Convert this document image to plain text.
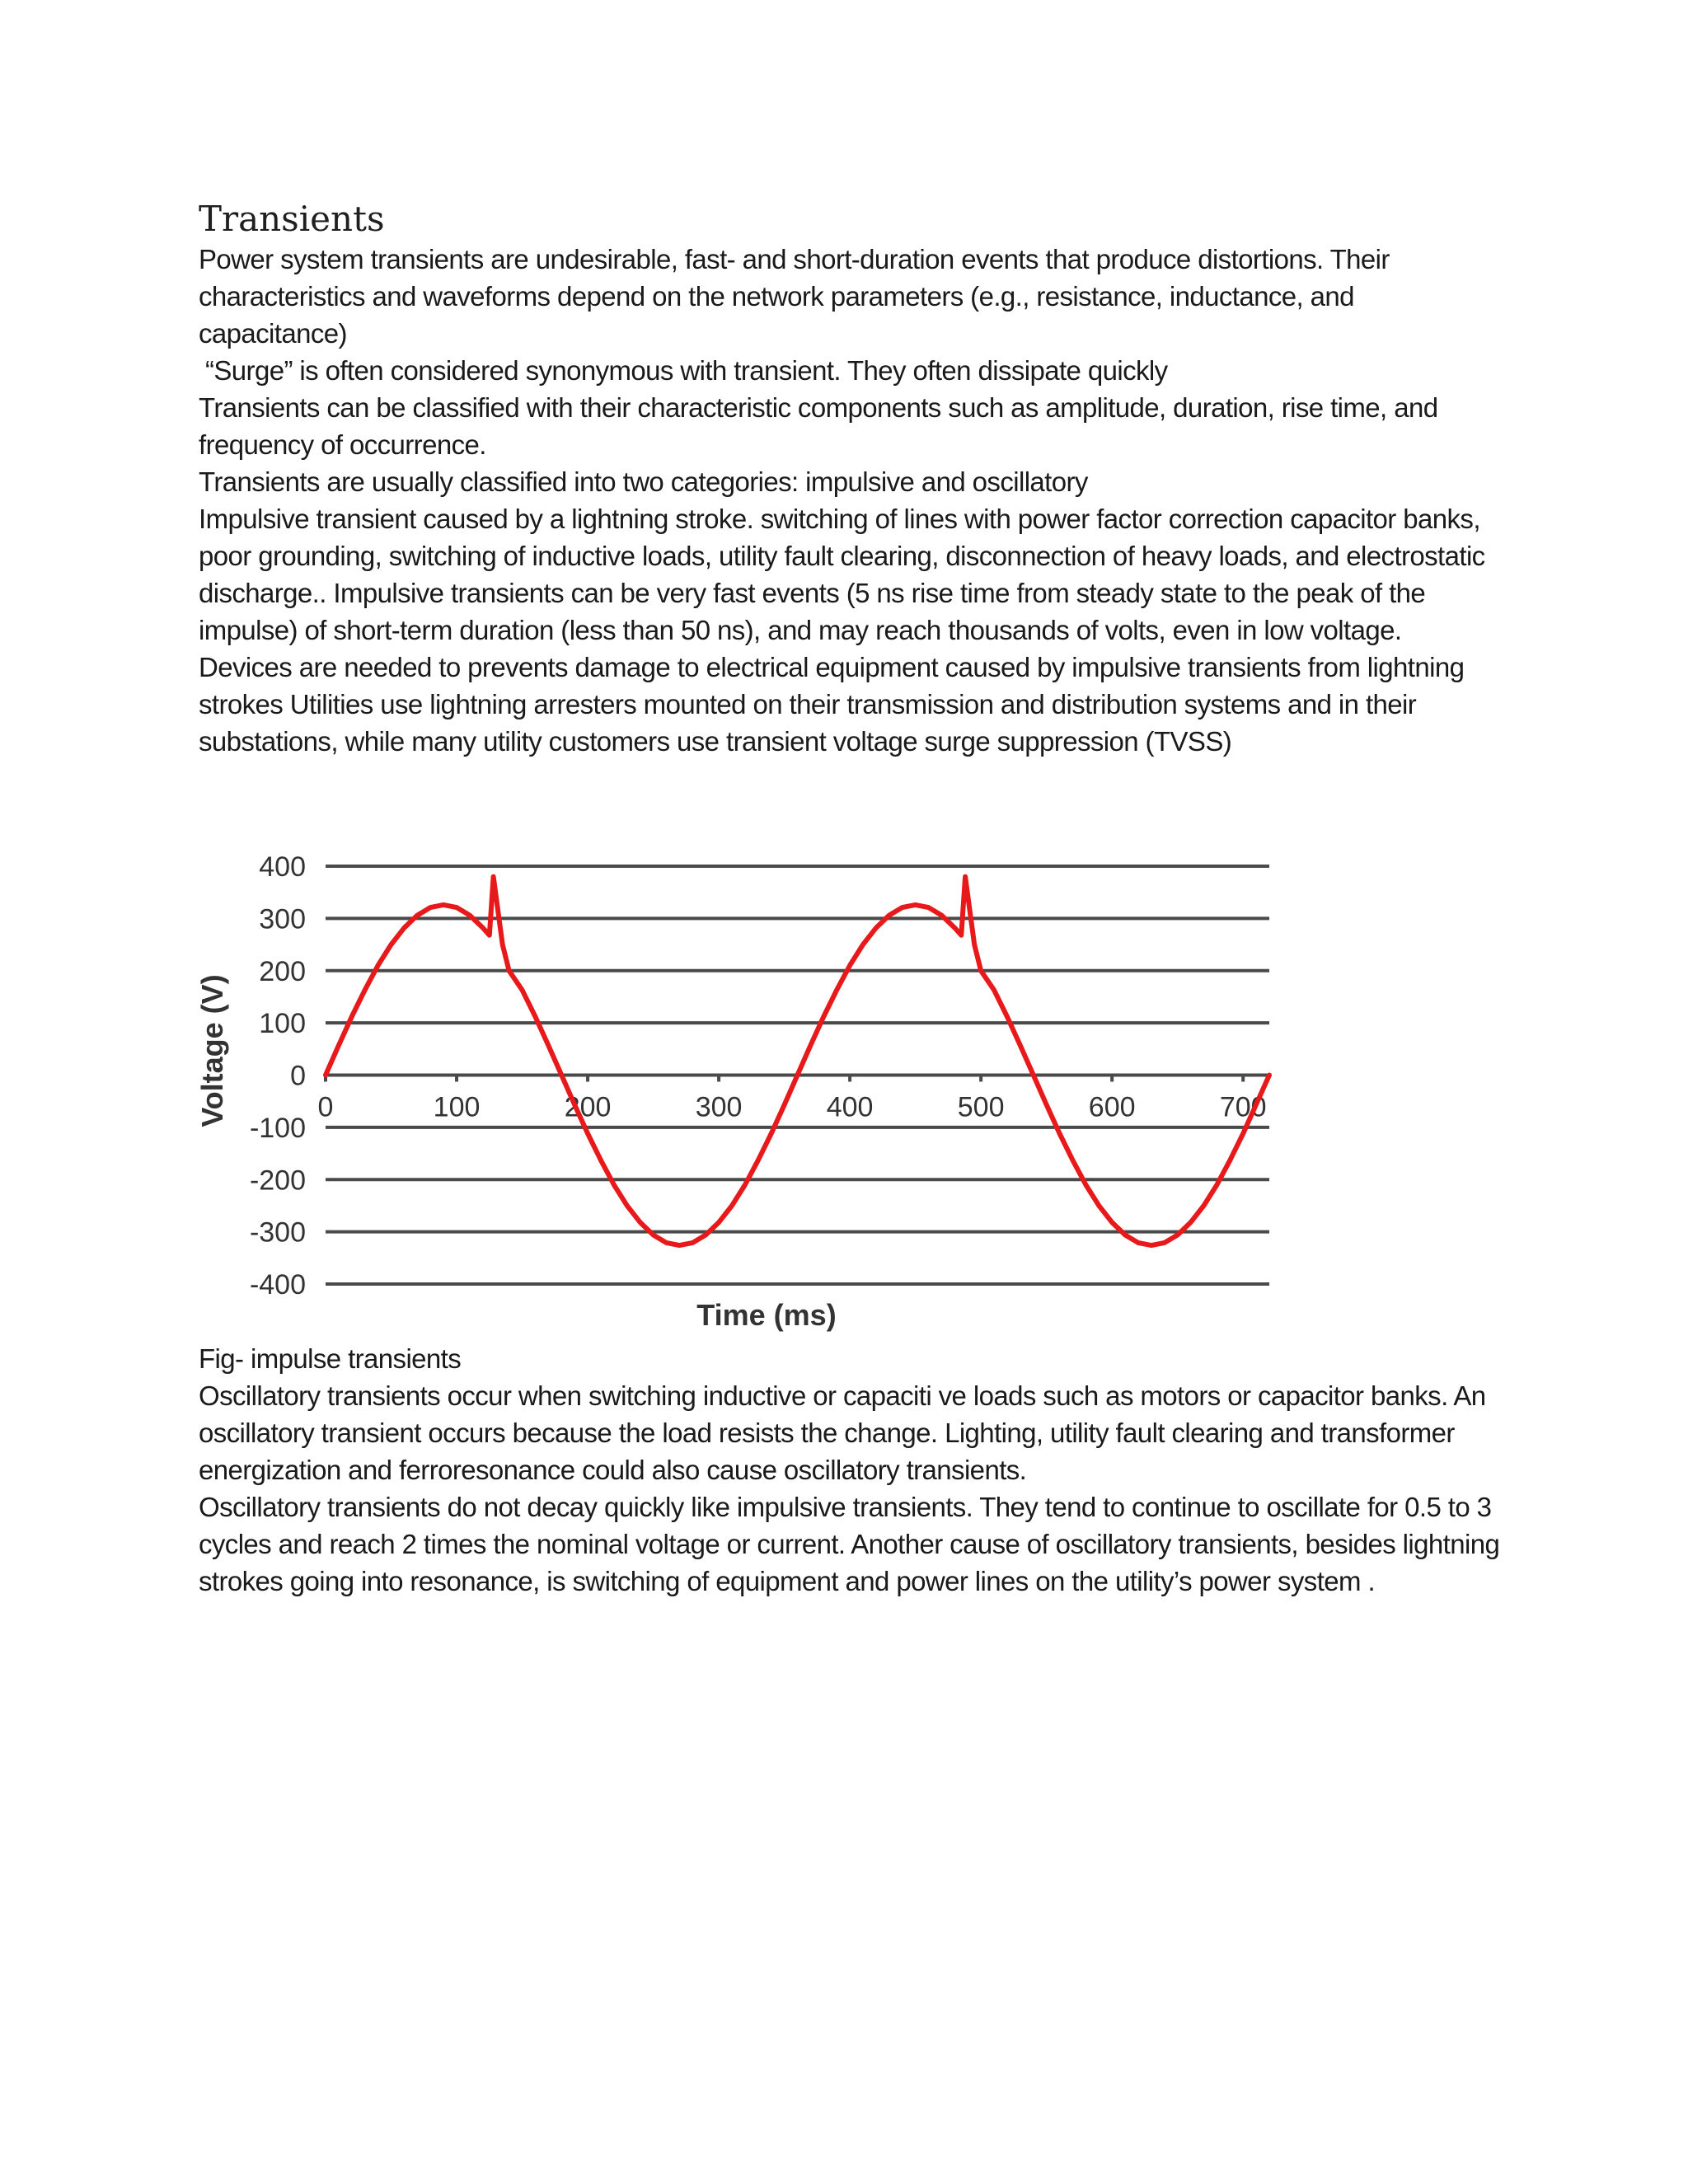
Transients

Power system transients are undesirable, fast- and short-duration events that produce distortions. Their characteristics and waveforms depend on the network parameters (e.g., resistance, inductance, and capacitance)

“Surge” is often considered synonymous with transient. They often dissipate quickly

Transients can be classified with their characteristic components such as amplitude, duration, rise time, and frequency of occurrence.

Transients are usually classified into two categories: impulsive and oscillatory

Impulsive transient caused by a lightning stroke. switching of lines with power factor correction capacitor banks, poor grounding, switching of inductive loads, utility fault clearing, disconnection of heavy loads, and electrostatic discharge.. Impulsive transients can be very fast events (5 ns rise time from steady state to the peak of the impulse) of short-term duration (less than 50 ns), and may reach thousands of volts, even in low voltage.

Devices are needed to prevents damage to electrical equipment caused by impulsive transients from lightning strokes Utilities use lightning arresters mounted on their transmission and distribution systems and in their substations, while many utility customers use transient voltage surge suppression (TVSS)

400
300
200
100
0
-100
-200
-300
-400
0	100	200	300	400	500	600	700
Voltage (V)
Time (ms)

Fig- impulse transients

Oscillatory transients occur when switching inductive or capaciti ve loads such as motors or capacitor banks. An oscillatory transient occurs because the load resists the change. Lighting, utility fault clearing and transformer energization and ferroresonance could also cause oscillatory transients.

Oscillatory transients do not decay quickly like impulsive transients. They tend to continue to oscillate for 0.5 to 3 cycles and reach 2 times the nominal voltage or current. Another cause of oscillatory transients, besides lightning strokes going into resonance, is switching of equipment and power lines on the utility’s power system .
